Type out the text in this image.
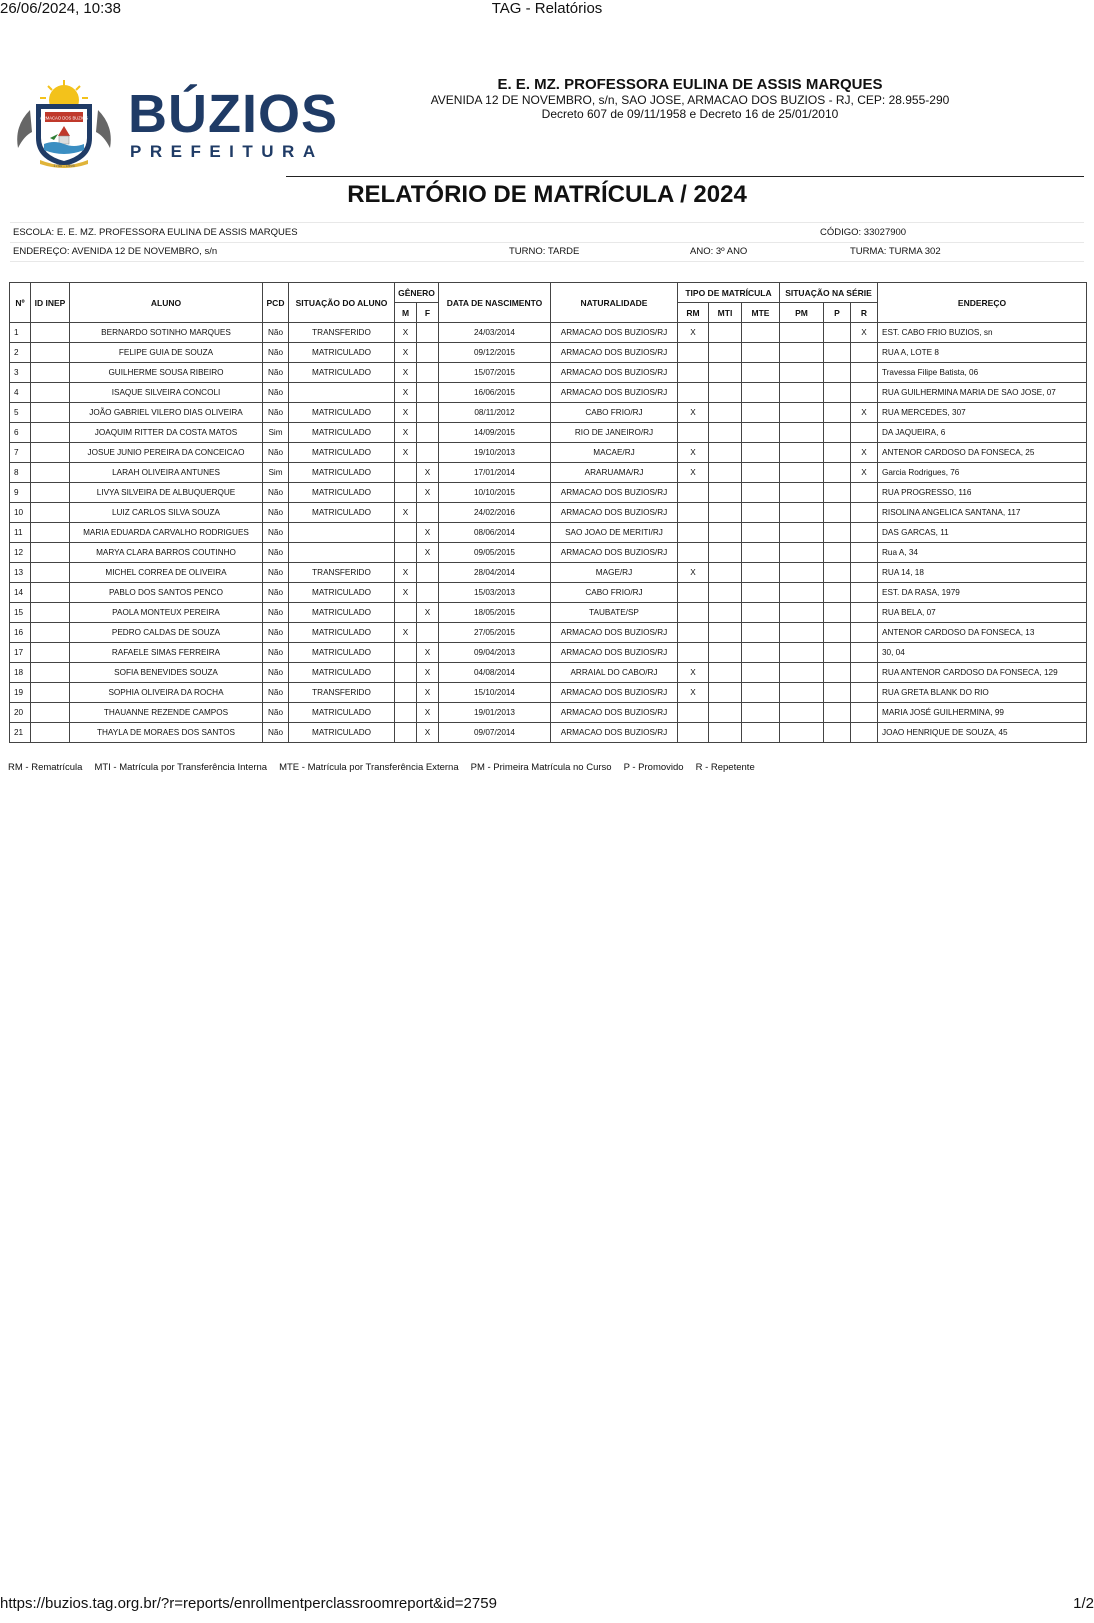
26/06/2024, 10:38	TAG - Relatórios
ARMACAO DOS BUZIOS
1740 - 1995
BÚZIOS
PREFEITURA
E. E. MZ. PROFESSORA EULINA DE ASSIS MARQUES
AVENIDA 12 DE NOVEMBRO, s/n, SAO JOSE, ARMACAO DOS BUZIOS - RJ, CEP: 28.955-290
Decreto 607 de 09/11/1958 e Decreto 16 de 25/01/2010
RELATÓRIO DE MATRÍCULA / 2024
ESCOLA: E. E. MZ. PROFESSORA EULINA DE ASSIS MARQUES	CÓDIGO: 33027900
ENDEREÇO: AVENIDA 12 DE NOVEMBRO, s/n	TURNO: TARDE	ANO: 3º ANO	TURMA: TURMA 302
Nº	ID INEP	ALUNO	PCD	SITUAÇÃO DO ALUNO	GÊNERO		DATA DE NASCIMENTO	NATURALIDADE	TIPO DE MATRÍCULA			SITUAÇÃO NA SÉRIE			ENDEREÇO
					M	F			RM	MTI	MTE	PM	P	R	
1		BERNARDO SOTINHO MARQUES	Não	TRANSFERIDO	X		24/03/2014	ARMACAO DOS BUZIOS/RJ	X					X	EST. CABO FRIO BUZIOS, sn
2		FELIPE GUIA DE SOUZA	Não	MATRICULADO	X		09/12/2015	ARMACAO DOS BUZIOS/RJ							RUA A, LOTE 8
3		GUILHERME SOUSA RIBEIRO	Não	MATRICULADO	X		15/07/2015	ARMACAO DOS BUZIOS/RJ							Travessa Filipe Batista, 06
4		ISAQUE SILVEIRA CONCOLI	Não		X		16/06/2015	ARMACAO DOS BUZIOS/RJ							RUA GUILHERMINA MARIA DE SAO JOSE, 07
5		JOÃO GABRIEL VILERO DIAS OLIVEIRA	Não	MATRICULADO	X		08/11/2012	CABO FRIO/RJ	X					X	RUA MERCEDES, 307
6		JOAQUIM RITTER DA COSTA MATOS	Sim	MATRICULADO	X		14/09/2015	RIO DE JANEIRO/RJ							DA JAQUEIRA, 6
7		JOSUE JUNIO PEREIRA DA CONCEICAO	Não	MATRICULADO	X		19/10/2013	MACAE/RJ	X					X	ANTENOR CARDOSO DA FONSECA, 25
8		LARAH OLIVEIRA ANTUNES	Sim	MATRICULADO		X	17/01/2014	ARARUAMA/RJ	X					X	Garcia Rodrigues, 76
9		LIVYA SILVEIRA DE ALBUQUERQUE	Não	MATRICULADO		X	10/10/2015	ARMACAO DOS BUZIOS/RJ							RUA PROGRESSO, 116
10		LUIZ CARLOS SILVA SOUZA	Não	MATRICULADO	X		24/02/2016	ARMACAO DOS BUZIOS/RJ							RISOLINA ANGELICA SANTANA, 117
11		MARIA EDUARDA CARVALHO RODRIGUES	Não			X	08/06/2014	SAO JOAO DE MERITI/RJ							DAS GARCAS, 11
12		MARYA CLARA BARROS COUTINHO	Não			X	09/05/2015	ARMACAO DOS BUZIOS/RJ							Rua A, 34
13		MICHEL CORREA DE OLIVEIRA	Não	TRANSFERIDO	X		28/04/2014	MAGE/RJ	X						RUA 14, 18
14		PABLO DOS SANTOS PENCO	Não	MATRICULADO	X		15/03/2013	CABO FRIO/RJ							EST. DA RASA, 1979
15		PAOLA MONTEUX PEREIRA	Não	MATRICULADO		X	18/05/2015	TAUBATE/SP							RUA BELA, 07
16		PEDRO CALDAS DE SOUZA	Não	MATRICULADO	X		27/05/2015	ARMACAO DOS BUZIOS/RJ							ANTENOR CARDOSO DA FONSECA, 13
17		RAFAELE SIMAS FERREIRA	Não	MATRICULADO		X	09/04/2013	ARMACAO DOS BUZIOS/RJ							30, 04
18		SOFIA BENEVIDES SOUZA	Não	MATRICULADO		X	04/08/2014	ARRAIAL DO CABO/RJ	X						RUA ANTENOR CARDOSO DA FONSECA, 129
19		SOPHIA OLIVEIRA DA ROCHA	Não	TRANSFERIDO		X	15/10/2014	ARMACAO DOS BUZIOS/RJ	X						RUA GRETA BLANK DO RIO
20		THAUANNE REZENDE CAMPOS	Não	MATRICULADO		X	19/01/2013	ARMACAO DOS BUZIOS/RJ							MARIA JOSÉ GUILHERMINA, 99
21		THAYLA DE MORAES DOS SANTOS	Não	MATRICULADO		X	09/07/2014	ARMACAO DOS BUZIOS/RJ							JOAO HENRIQUE DE SOUZA, 45
RM - Rematrícula MTI - Matrícula por Transferência Interna MTE - Matrícula por Transferência Externa PM - Primeira Matrícula no Curso P - Promovido R - Repetente
https://buzios.tag.org.br/?r=reports/enrollmentperclassroomreport&id=2759	1/2
